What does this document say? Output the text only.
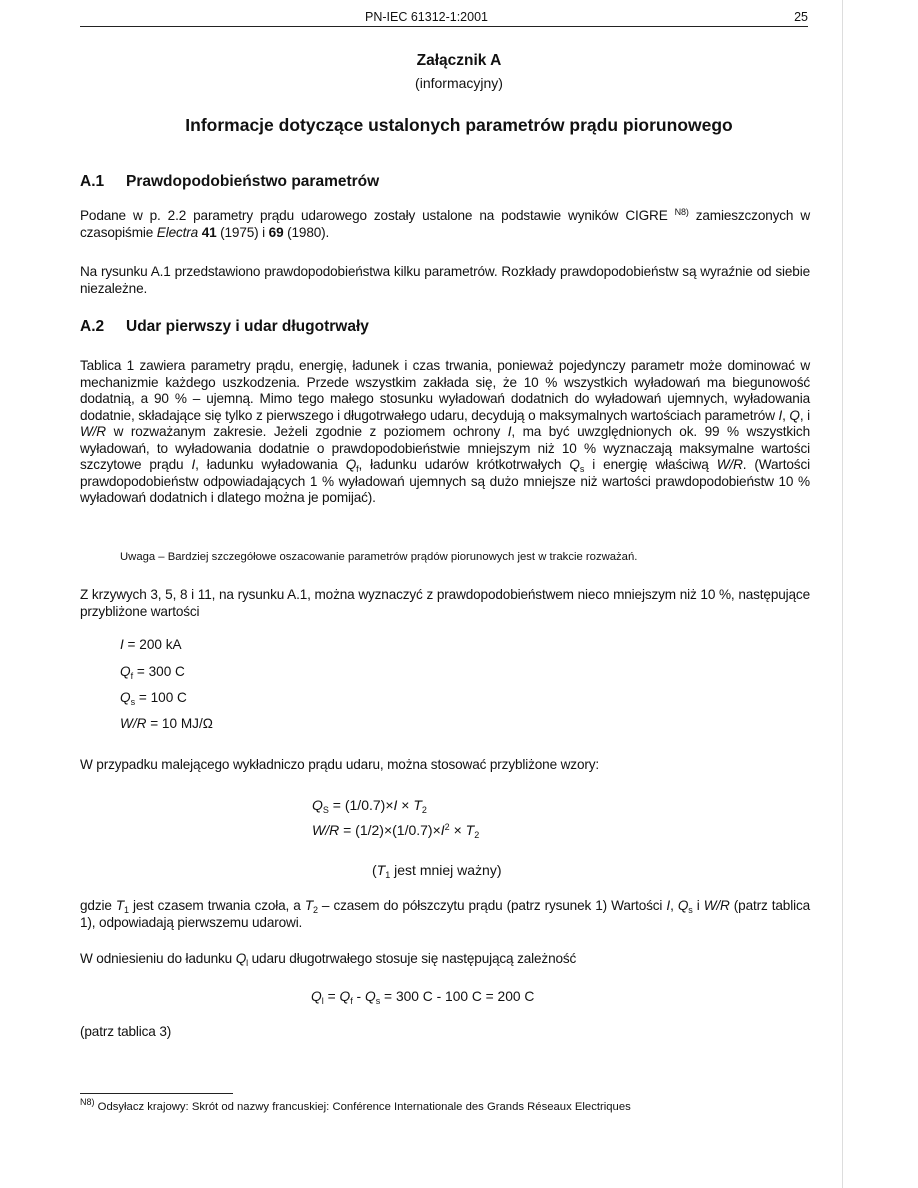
PN-IEC 61312-1:2001	25
Załącznik A
(informacyjny)
Informacje dotyczące ustalonych parametrów prądu piorunowego
A.1 Prawdopodobieństwo parametrów
Podane w p. 2.2 parametry prądu udarowego zostały ustalone na podstawie wyników CIGRE $^{N8)}$ zamieszczonych w czasopiśmie Electra 41 (1975) i 69 (1980).
Na rysunku A.1 przedstawiono prawdopodobieństwa kilku parametrów. Rozkłady prawdopodobieństw są wyraźnie od siebie niezależne.
A.2 Udar pierwszy i udar długotrwały
Tablica 1 zawiera parametry prądu, energię, ładunek i czas trwania, ponieważ pojedynczy parametr może dominować w mechanizmie każdego uszkodzenia. Przede wszystkim zakłada się, że 10 % wszystkich wyładowań ma biegunowość dodatnią, a 90 % – ujemną. Mimo tego małego stosunku wyładowań dodatnich do wyładowań ujemnych, wyładowania dodatnie, składające się tylko z pierwszego i długotrwałego udaru, decydują o maksymalnych wartościach parametrów I, Q, i W/R w rozważanym zakresie. Jeżeli zgodnie z poziomem ochrony I, ma być uwzględnionych ok. 99 % wszystkich wyładowań, to wyładowania dodatnie o prawdopodobieństwie mniejszym niż 10 % wyznaczają maksymalne wartości szczytowe prądu I, ładunku wyładowania $Q_f$, ładunku udarów krótkotrwałych $Q_s$ i energię właściwą W/R. (Wartości prawdopodobieństw odpowiadających 1 % wyładowań ujemnych są dużo mniejsze niż wartości prawdopodobieństw 10 % wyładowań dodatnich i dlatego można je pomijać).
Uwaga – Bardziej szczegółowe oszacowanie parametrów prądów piorunowych jest w trakcie rozważań.
Z krzywych 3, 5, 8 i 11, na rysunku A.1, można wyznaczyć z prawdopodobieństwem nieco mniejszym niż 10 %, następujące przybliżone wartości
I = 200 kA
$Q_f = 300$ C
$Q_s = 100$ C
W/R = 10 MJ/Ω
W przypadku malejącego wykładniczo prądu udaru, można stosować przybliżone wzory:
$Q_S = (1/0.7)\times I \times T_2$
$W/R = (1/2)\times(1/0.7)\times I^2 \times T_2$
($T_1$ jest mniej ważny)
gdzie $T_1$ jest czasem trwania czoła, a $T_2$ – czasem do półszczytu prądu (patrz rysunek 1) Wartości I, $Q_s$ i W/R (patrz tablica 1), odpowiadają pierwszemu udarowi.
W odniesieniu do ładunku $Q_l$ udaru długotrwałego stosuje się następującą zależność
$Q_l = Q_f - Q_s = 300$ C - 100 C = 200 C
(patrz tablica 3)
$^{N8)}$ Odsyłacz krajowy: Skrót od nazwy francuskiej: Conférence Internationale des Grands Réseaux Electriques
